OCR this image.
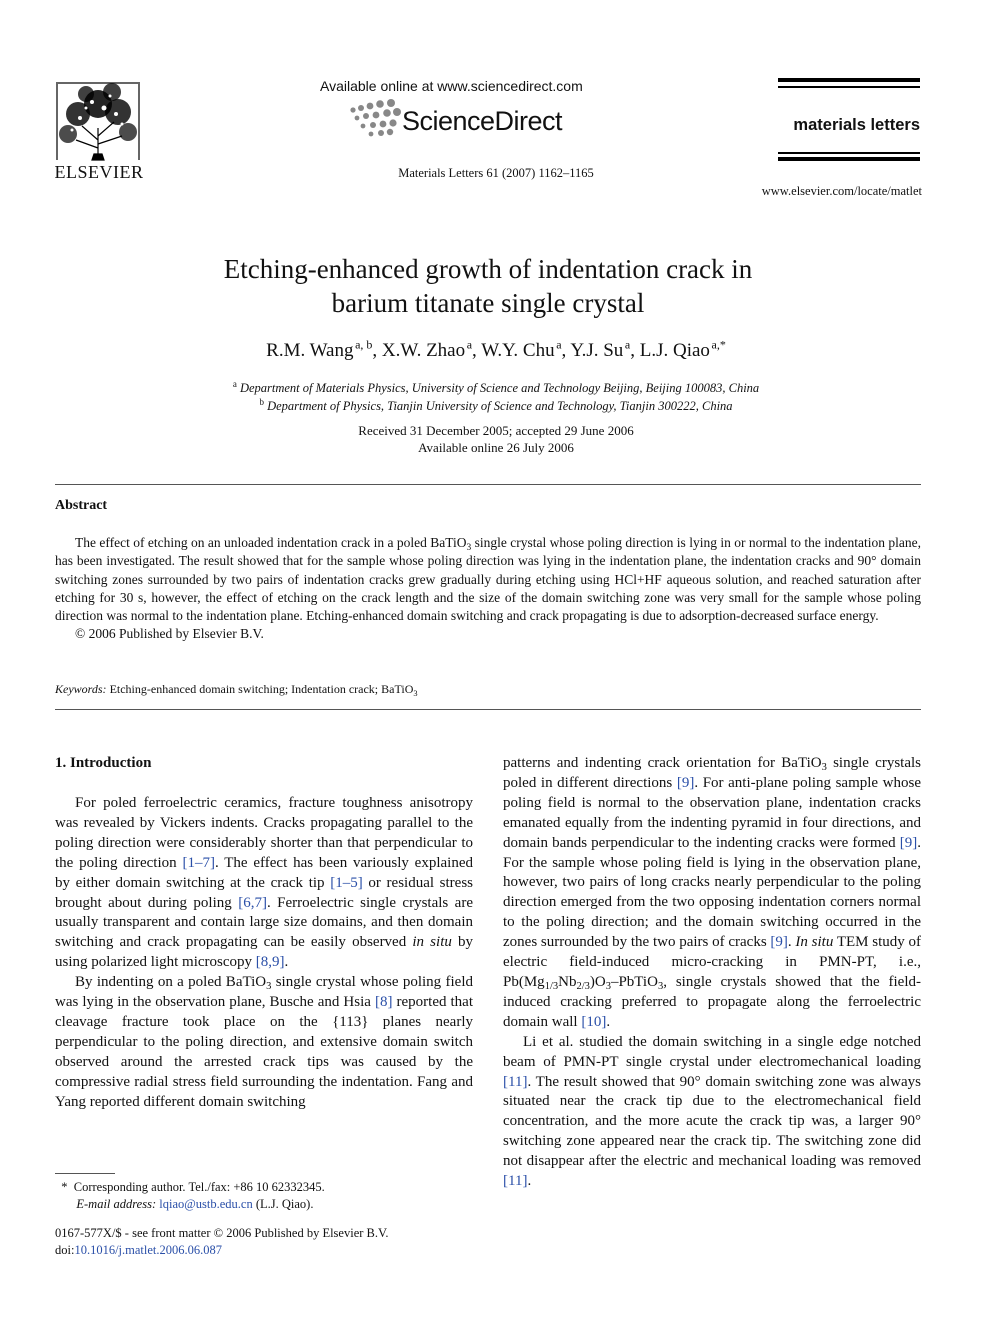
ELSEVIER
Available online at www.sciencedirect.com
ScienceDirect
Materials Letters 61 (2007) 1162–1165
materials letters
www.elsevier.com/locate/matlet
Etching-enhanced growth of indentation crack in
barium titanate single crystal
R.M. Wang  $^{a, b}$, X.W. Zhao  $^a$, W.Y. Chu  $^a$, Y.J. Su  $^a$, L.J. Qiao  $^{a,*}$
$^a$ Department of Materials Physics, University of Science and Technology Beijing, Beijing 100083, China
$^b$ Department of Physics, Tianjin University of Science and Technology, Tianjin 300222, China
Received 31 December 2005; accepted 29 June 2006
Available online 26 July 2006
Abstract

The effect of etching on an unloaded indentation crack in a poled BaTiO$_3$ single crystal whose poling direction is lying in or normal to the indentation plane, has been investigated. The result showed that for the sample whose poling direction was lying in the indentation plane, the indentation cracks and 90° domain switching zones surrounded by two pairs of indentation cracks grew gradually during etching using HCl+HF aqueous solution, and reached saturation after etching for 30 s, however, the effect of etching on the crack length and the size of the domain switching zone was very small for the sample whose poling direction was normal to the indentation plane. Etching-enhanced domain switching and crack propagating is due to adsorption-decreased surface energy.

© 2006 Published by Elsevier B.V.

Keywords: Etching-enhanced domain switching; Indentation crack; BaTiO$_3$
1. Introduction

For poled ferroelectric ceramics, fracture toughness anisotropy was revealed by Vickers indents. Cracks propagating parallel to the poling direction were considerably shorter than that perpendicular to the poling direction [1–7]. The effect has been variously explained by either domain switching at the crack tip [1–5] or residual stress brought about during poling [6,7]. Ferroelectric single crystals are usually transparent and contain large size domains, and then domain switching and crack propagating can be easily observed in situ by using polarized light microscopy [8,9].

By indenting on a poled BaTiO$_3$ single crystal whose poling field was lying in the observation plane, Busche and Hsia [8] reported that cleavage fracture took place on the {113} planes nearly perpendicular to the poling direction, and extensive domain switch observed around the arrested crack tips was caused by the compressive radial stress field surrounding the indentation. Fang and Yang reported different domain switching

patterns and indenting crack orientation for BaTiO$_3$ single crystals poled in different directions [9]. For anti-plane poling sample whose poling field is normal to the observation plane, indentation cracks emanated equally from the indenting pyramid in four directions, and domain bands perpendicular to the indenting cracks were formed [9]. For the sample whose poling field is lying in the observation plane, however, two pairs of long cracks nearly perpendicular to the poling direction emerged from the two opposing indentation corners normal to the poling direction; and the domain switching occurred in the zones surrounded by the two pairs of cracks [9]. In situ TEM study of electric field-induced micro-cracking in PMN-PT, i.e., $Pb(Mg_{1/3}Nb_{2/3})O_3-PbTiO_3$, single crystals showed that the field-induced cracking preferred to propagate along the ferroelectric domain wall [10].

Li et al. studied the domain switching in a single edge notched beam of PMN-PT single crystal under electromechanical loading [11]. The result showed that 90° domain switching zone was always situated near the crack tip due to the electromechanical field concentration, and the more acute the crack tip was, a larger 90° switching zone appeared near the crack tip. The switching zone did not disappear after the electric and mechanical loading was removed [11].

* Corresponding author. Tel./fax: +86 10 62332345.
E-mail address: lqiao@ustb.edu.cn (L.J. Qiao).
0167-577X/$ - see front matter © 2006 Published by Elsevier B.V.
doi:10.1016/j.matlet.2006.06.087
